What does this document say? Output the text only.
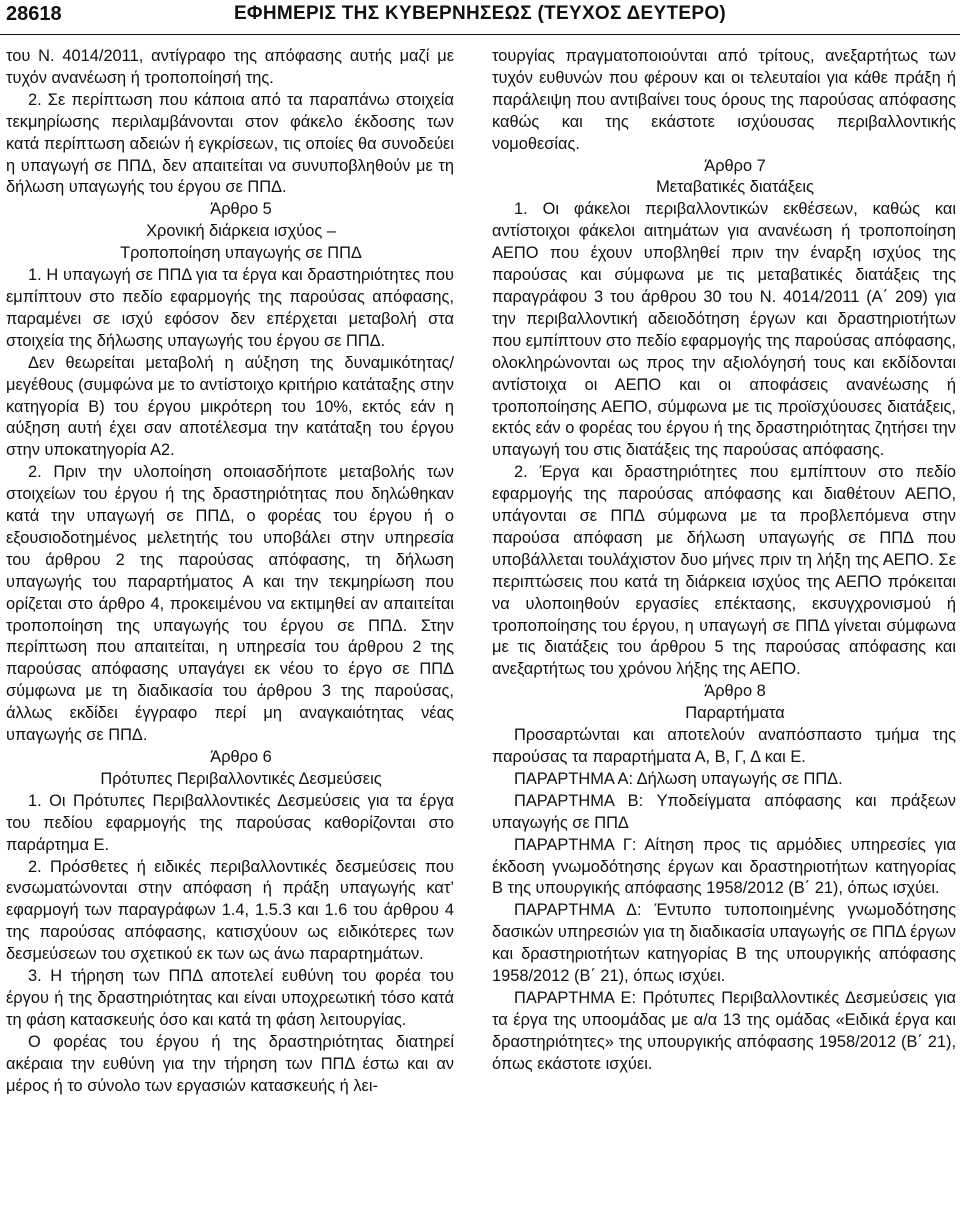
28618	ΕΦΗΜΕΡΙΣ ΤΗΣ ΚΥΒΕΡΝΗΣΕΩΣ (ΤΕΥΧΟΣ ΔΕΥΤΕΡΟ)

του Ν. 4014/2011, αντίγραφο της απόφασης αυτής μαζί με τυχόν ανανέωση ή τροποποίησή της.

2. Σε περίπτωση που κάποια από τα παραπάνω στοιχεία τεκμηρίωσης περιλαμβάνονται στον φάκελο έκδοσης των κατά περίπτωση αδειών ή εγκρίσεων, τις οποίες θα συνοδεύει η υπαγωγή σε ΠΠΔ, δεν απαιτείται να συνυποβληθούν με τη δήλωση υπαγωγής του έργου σε ΠΠΔ.

Άρθρο 5

Χρονική διάρκεια ισχύος –

Τροποποίηση υπαγωγής σε ΠΠΔ

1. Η υπαγωγή σε ΠΠΔ για τα έργα και δραστηριότητες που εμπίπτουν στο πεδίο εφαρμογής της παρούσας απόφασης, παραμένει σε ισχύ εφόσον δεν επέρχεται μεταβολή στα στοιχεία της δήλωσης υπαγωγής του έργου σε ΠΠΔ.

Δεν θεωρείται μεταβολή η αύξηση της δυναμικότητας/μεγέθους (συμφώνα με το αντίστοιχο κριτήριο κατάταξης στην κατηγορία Β) του έργου μικρότερη του 10%, εκτός εάν η αύξηση αυτή έχει σαν αποτέλεσμα την κατάταξη του έργου στην υποκατηγορία Α2.

2. Πριν την υλοποίηση οποιασδήποτε μεταβολής των στοιχείων του έργου ή της δραστηριότητας που δηλώθηκαν κατά την υπαγωγή σε ΠΠΔ, ο φορέας του έργου ή ο εξουσιοδοτημένος μελετητής του υποβάλει στην υπηρεσία του άρθρου 2 της παρούσας απόφασης, τη δήλωση υπαγωγής του παραρτήματος Α και την τεκμηρίωση που ορίζεται στο άρθρο 4, προκειμένου να εκτιμηθεί αν απαιτείται τροποποίηση της υπαγωγής του έργου σε ΠΠΔ. Στην περίπτωση που απαιτείται, η υπηρεσία του άρθρου 2 της παρούσας απόφασης υπαγάγει εκ νέου το έργο σε ΠΠΔ σύμφωνα με τη διαδικασία του άρθρου 3 της παρούσας, άλλως εκδίδει έγγραφο περί μη αναγκαιότητας νέας υπαγωγής σε ΠΠΔ.

Άρθρο 6

Πρότυπες Περιβαλλοντικές Δεσμεύσεις

1. Οι Πρότυπες Περιβαλλοντικές Δεσμεύσεις για τα έργα του πεδίου εφαρμογής της παρούσας καθορίζονται στο παράρτημα Ε.

2. Πρόσθετες ή ειδικές περιβαλλοντικές δεσμεύσεις που ενσωματώνονται στην απόφαση ή πράξη υπαγωγής κατ’ εφαρμογή των παραγράφων 1.4, 1.5.3 και 1.6 του άρθρου 4 της παρούσας απόφασης, κατισχύουν ως ειδικότερες των δεσμεύσεων του σχετικού εκ των ως άνω παραρτημάτων.

3. Η τήρηση των ΠΠΔ αποτελεί ευθύνη του φορέα του έργου ή της δραστηριότητας και είναι υποχρεωτική τόσο κατά τη φάση κατασκευής όσο και κατά τη φάση λειτουργίας.

Ο φορέας του έργου ή της δραστηριότητας διατηρεί ακέραια την ευθύνη για την τήρηση των ΠΠΔ έστω και αν μέρος ή το σύνολο των εργασιών κατασκευής ή λει-

τουργίας πραγματοποιούνται από τρίτους, ανεξαρτήτως των τυχόν ευθυνών που φέρουν και οι τελευταίοι για κάθε πράξη ή παράλειψη που αντιβαίνει τους όρους της παρούσας απόφασης καθώς και της εκάστοτε ισχύουσας περιβαλλοντικής νομοθεσίας.

Άρθρο 7

Μεταβατικές διατάξεις

1. Οι φάκελοι περιβαλλοντικών εκθέσεων, καθώς και αντίστοιχοι φάκελοι αιτημάτων για ανανέωση ή τροποποίηση ΑΕΠΟ που έχουν υποβληθεί πριν την έναρξη ισχύος της παρούσας και σύμφωνα με τις μεταβατικές διατάξεις της παραγράφου 3 του άρθρου 30 του Ν. 4014/2011 (Α΄ 209) για την περιβαλλοντική αδειοδότηση έργων και δραστηριοτήτων που εμπίπτουν στο πεδίο εφαρμογής της παρούσας απόφασης, ολοκληρώνονται ως προς την αξιολόγησή τους και εκδίδονται αντίστοιχα οι ΑΕΠΟ και οι αποφάσεις ανανέωσης ή τροποποίησης ΑΕΠΟ, σύμφωνα με τις προϊσχύουσες διατάξεις, εκτός εάν ο φορέας του έργου ή της δραστηριότητας ζητήσει την υπαγωγή του στις διατάξεις της παρούσας απόφασης.

2. Έργα και δραστηριότητες που εμπίπτουν στο πεδίο εφαρμογής της παρούσας απόφασης και διαθέτουν ΑΕΠΟ, υπάγονται σε ΠΠΔ σύμφωνα με τα προβλεπόμενα στην παρούσα απόφαση με δήλωση υπαγωγής σε ΠΠΔ που υποβάλλεται τουλάχιστον δυο μήνες πριν τη λήξη της ΑΕΠΟ. Σε περιπτώσεις που κατά τη διάρκεια ισχύος της ΑΕΠΟ πρόκειται να υλοποιηθούν εργασίες επέκτασης, εκσυγχρονισμού ή τροποποίησης του έργου, η υπαγωγή σε ΠΠΔ γίνεται σύμφωνα με τις διατάξεις του άρθρου 5 της παρούσας απόφασης και ανεξαρτήτως του χρόνου λήξης της ΑΕΠΟ.

Άρθρο 8

Παραρτήματα

Προσαρτώνται και αποτελούν αναπόσπαστο τμήμα της παρούσας τα παραρτήματα Α, Β, Γ, Δ και Ε.

ΠΑΡΑΡΤΗΜΑ Α: Δήλωση υπαγωγής σε ΠΠΔ.

ΠΑΡΑΡΤΗΜΑ Β: Υποδείγματα απόφασης και πράξεων υπαγωγής σε ΠΠΔ

ΠΑΡΑΡΤΗΜΑ Γ: Αίτηση προς τις αρμόδιες υπηρεσίες για έκδοση γνωμοδότησης έργων και δραστηριοτήτων κατηγορίας Β της υπουργικής απόφασης 1958/2012 (Β΄ 21), όπως ισχύει.

ΠΑΡΑΡΤΗΜΑ Δ: Έντυπο τυποποιημένης γνωμοδότησης δασικών υπηρεσιών για τη διαδικασία υπαγωγής σε ΠΠΔ έργων και δραστηριοτήτων κατηγορίας Β της υπουργικής απόφασης 1958/2012 (Β΄ 21), όπως ισχύει.

ΠΑΡΑΡΤΗΜΑ Ε: Πρότυπες Περιβαλλοντικές Δεσμεύσεις για τα έργα της υποομάδας με α/α 13 της ομάδας «Ειδικά έργα και δραστηριότητες» της υπουργικής απόφασης 1958/2012 (Β΄ 21), όπως εκάστοτε ισχύει.
